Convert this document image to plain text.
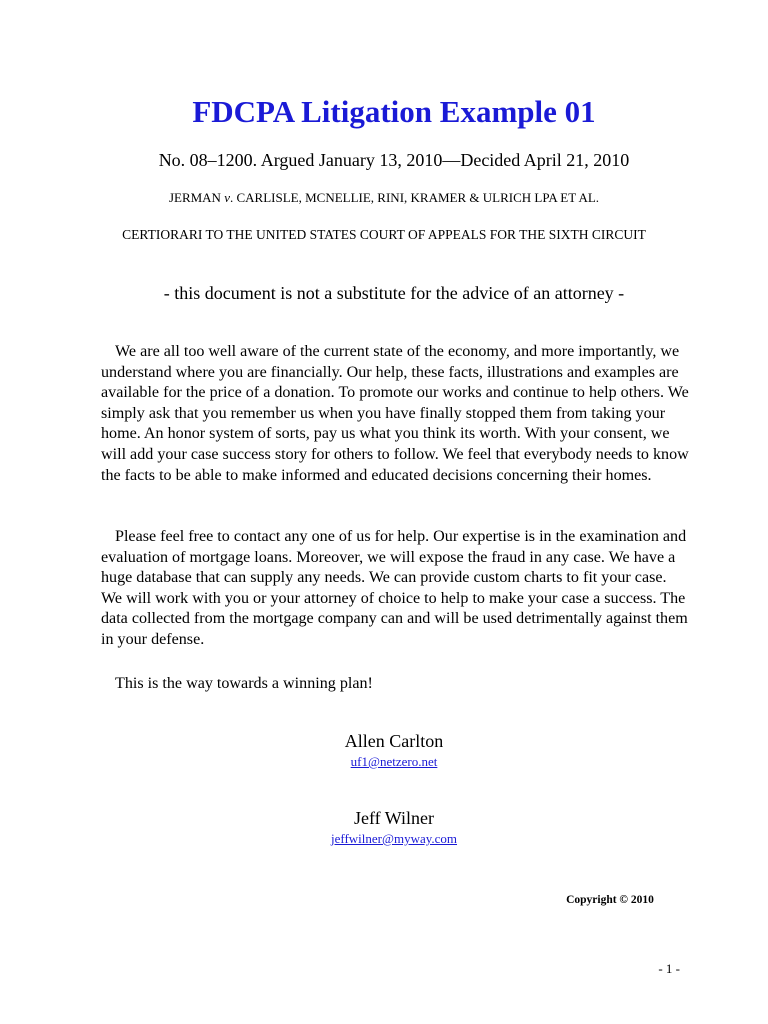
FDCPA Litigation Example 01

No. 08–1200. Argued January 13, 2010—Decided April 21, 2010

JERMAN v. CARLISLE, MCNELLIE, RINI, KRAMER & ULRICH LPA ET AL.

CERTIORARI TO THE UNITED STATES COURT OF APPEALS FOR THE SIXTH CIRCUIT

- this document is not a substitute for the advice of an attorney -

We are all too well aware of the current state of the economy, and more importantly, we understand where you are financially. Our help, these facts, illustrations and examples are available for the price of a donation. To promote our works and continue to help others. We simply ask that you remember us when you have finally stopped them from taking your home. An honor system of sorts, pay us what you think its worth. With your consent, we will add your case success story for others to follow. We feel that everybody needs to know the facts to be able to make informed and educated decisions concerning their homes.

Please feel free to contact any one of us for help. Our expertise is in the examination and evaluation of mortgage loans. Moreover, we will expose the fraud in any case. We have a huge database that can supply any needs. We can provide custom charts to fit your case. We will work with you or your attorney of choice to help to make your case a success. The data collected from the mortgage company can and will be used detrimentally against them in your defense.

This is the way towards a winning plan!

Allen Carlton

uf1@netzero.net

Jeff Wilner

jeffwilner@myway.com

Copyright © 2010

- 1 -
